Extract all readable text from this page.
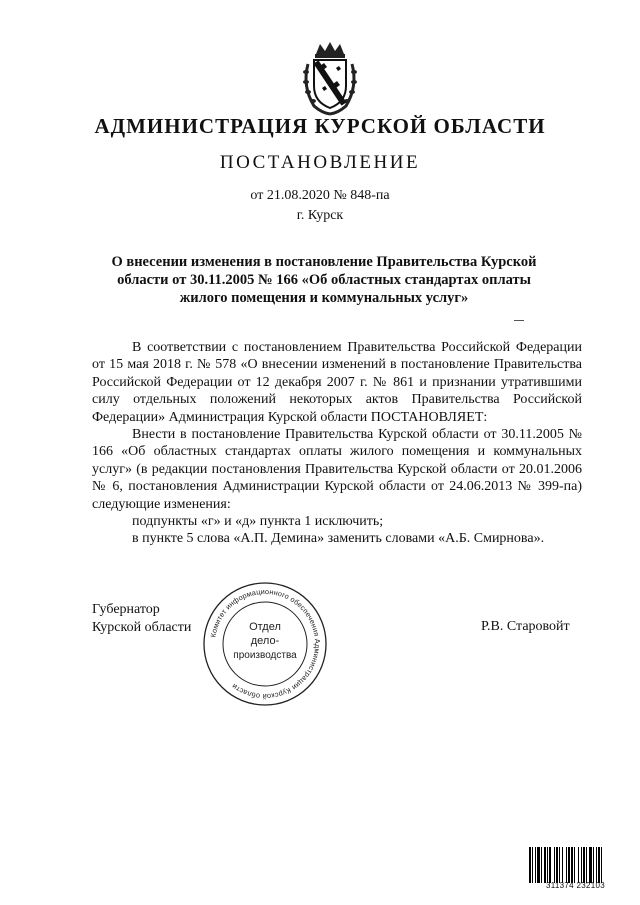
АДМИНИСТРАЦИЯ КУРСКОЙ ОБЛАСТИ
ПОСТАНОВЛЕНИЕ
от 21.08.2020 № 848-па
г. Курск
О внесении изменения в постановление Правительства Курской области от 30.11.2005 № 166 «Об областных стандартах оплаты жилого помещения и коммунальных услуг»

В соответствии с постановлением Правительства Российской Федерации от 15 мая 2018 г. № 578 «О внесении изменений в постановление Правительства Российской Федерации от 12 декабря 2007 г. № 861 и признании утратившими силу отдельных положений некоторых актов Правительства Российской Федерации» Администрация Курской области ПОСТАНОВЛЯЕТ:

Внести в постановление Правительства Курской области от 30.11.2005 № 166 «Об областных стандартах оплаты жилого помещения и коммунальных услуг» (в редакции постановления Правительства Курской области от 20.01.2006 № 6, постановления Администрации Курской области от 24.06.2013 № 399-па) следующие изменения:

подпункты «г» и «д» пункта 1 исключить;

в пункте 5 слова «А.П. Демина» заменить словами «А.Б. Смирнова».

Губернатор
Курской области	Р.В. Старовойт
Комитет информационного обеспечения Администрации Курской области
Отдел
дело-
производства
311374 232103
